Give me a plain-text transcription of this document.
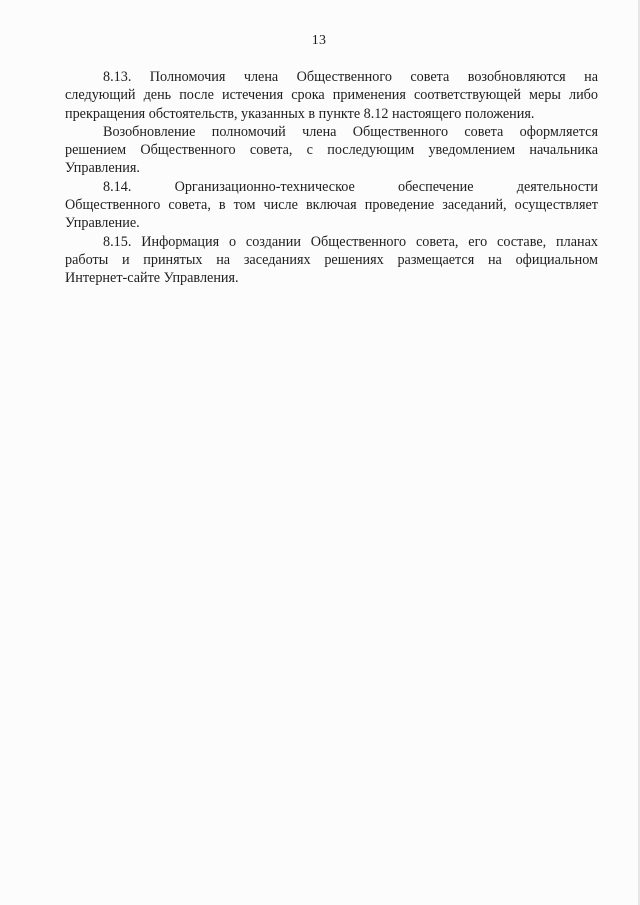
13

8.13. Полномочия члена Общественного совета возобновляются на
следующий день после истечения срока применения соответствующей меры либо
прекращения обстоятельств, указанных в пункте 8.12 настоящего положения.

Возобновление полномочий члена Общественного совета оформляется
решением Общественного совета, с последующим уведомлением начальника
Управления.

8.14. Организационно-техническое обеспечение деятельности
Общественного совета, в том числе включая проведение заседаний, осуществляет
Управление.

8.15. Информация о создании Общественного совета, его составе, планах
работы и принятых на заседаниях решениях размещается на официальном
Интернет-сайте Управления.
